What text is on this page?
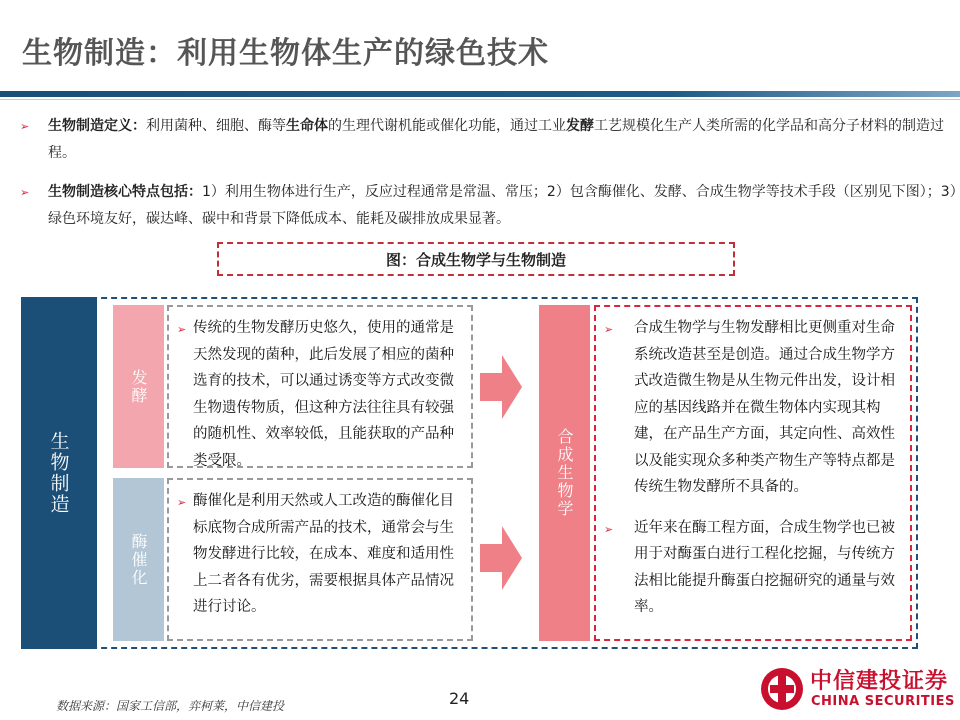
生物制造：利用生物体生产的绿色技术
➢ 生物制造定义：利用菌种、细胞、酶等生命体的生理代谢机能或催化功能，通过工业发酵工艺规模化生产人类所需的化学品和高分子材料的制造过程。
➢ 生物制造核心特点包括：1）利用生物体进行生产，反应过程通常是常温、常压；2）包含酶催化、发酵、合成生物学等技术手段（区别见下图）；3）绿色环境友好，碳达峰、碳中和背景下降低成本、能耗及碳排放成果显著。
图：合成生物学与生物制造
生物制造
发酵
➢ 传统的生物发酵历史悠久，使用的通常是天然发现的菌种，此后发展了相应的菌种选育的技术，可以通过诱变等方式改变微生物遗传物质，但这种方法往往具有较强的随机性、效率较低，且能获取的产品种类受限。
酶催化
➢ 酶催化是利用天然或人工改造的酶催化目标底物合成所需产品的技术，通常会与生物发酵进行比较，在成本、难度和适用性上二者各有优劣，需要根据具体产品情况进行讨论。
合成生物学
➢ 合成生物学与生物发酵相比更侧重对生命系统改造甚至是创造。通过合成生物学方式改造微生物是从生物元件出发，设计相应的基因线路并在微生物体内实现其构建，在产品生产方面，其定向性、高效性以及能实现众多种类产物生产等特点都是传统生物发酵所不具备的。
➢ 近年来在酶工程方面，合成生物学也已被用于对酶蛋白进行工程化挖掘，与传统方法相比能提升酶蛋白挖掘研究的通量与效率。
数据来源：国家工信部，弈柯莱，中信建投	24
中信建投证券
CHINA SECURITIES
